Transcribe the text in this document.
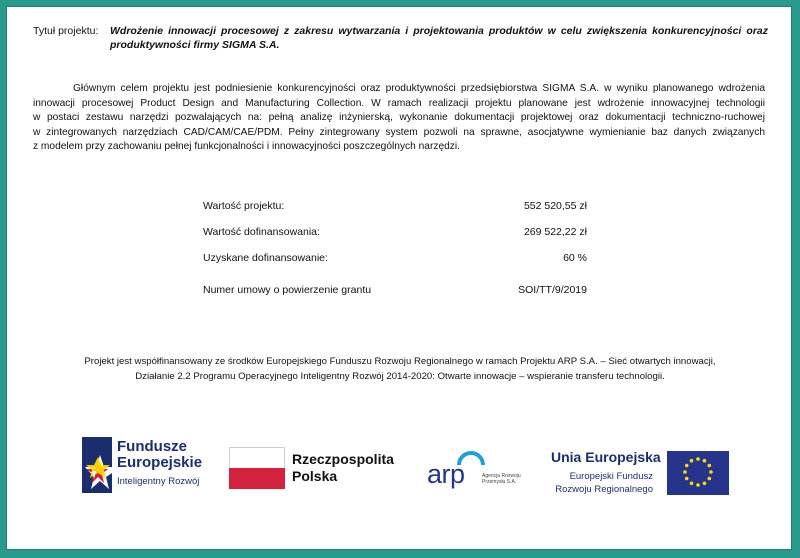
Tytuł projektu: Wdrożenie innowacji procesowej z zakresu wytwarzania i projektowania produktów w celu zwiększenia konkurencyjności oraz
produktywności firmy SIGMA S.A.
Głównym celem projektu jest podniesienie konkurencyjności oraz produktywności przedsiębiorstwa SIGMA S.A. w wyniku planowanego wdrożenia
innowacji procesowej Product Design and Manufacturing Collection. W ramach realizacji projektu planowane jest wdrożenie innowacyjnej technologii
w postaci zestawu narzędzi pozwalających na: pełną analizę inżynierską, wykonanie dokumentacji projektowej oraz dokumentacji techniczno-ruchowej
w zintegrowanych narzędziach CAD/CAM/CAE/PDM. Pełny zintegrowany system pozwoli na sprawne, asocjatywne wymienianie baz danych związanych
z modelem przy zachowaniu pełnej funkcjonalności i innowacyjności poszczególnych narzędzi.
Wartość projektu:	552 520,55 zł
Wartość dofinansowania:	269 522,22 zł
Uzyskane dofinansowanie:	60 %
Numer umowy o powierzenie grantu	SOI/TT/9/2019
Projekt jest współfinansowany ze środków Europejskiego Funduszu Rozwoju Regionalnego w ramach Projektu ARP S.A. – Sieć otwartych innowacji,
Działanie 2.2 Programu Operacyjnego Inteligentny Rozwój 2014-2020: Otwarte innowacje – wspieranie transferu technologii.
Fundusze
Europejskie
Inteligentny Rozwój
Rzeczpospolita
Polska	arp	Agencja Rozwoju
Przemysłu S.A.
Unia Europejska
Europejski Fundusz
Rozwoju Regionalnego
